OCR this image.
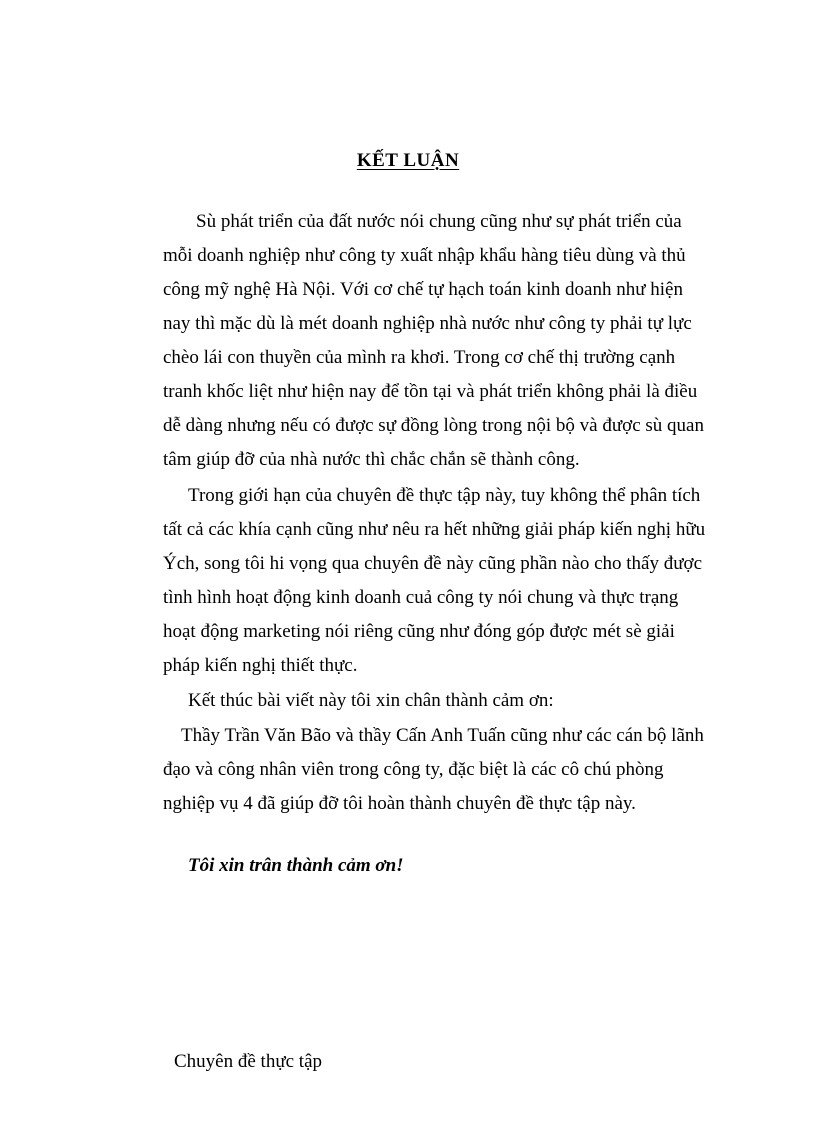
KẾT LUẬN

Sù phát triển của đất nước nói chung cũng như sự phát triển của

mỗi doanh nghiệp như công ty xuất nhập khẩu hàng tiêu dùng và thủ

công mỹ nghệ Hà Nội. Với cơ chế tự hạch toán kinh doanh như hiện

nay thì mặc dù là mét doanh nghiệp nhà nước như công ty phải tự lực

chèo lái con thuyền của mình ra khơi. Trong cơ chế thị trường cạnh

tranh khốc liệt như hiện nay để tồn tại và phát triển không phải là điều

dễ dàng nhưng nếu có được sự đồng lòng trong nội bộ và được sù quan

tâm giúp đỡ của nhà nước thì chắc chắn sẽ thành công.

Trong giới hạn của chuyên đề thực tập này, tuy không thể phân tích

tất cả các khía cạnh cũng như nêu ra hết những giải pháp kiến nghị hữu

Ých, song tôi hi vọng qua chuyên đề này cũng phần nào cho thấy được

tình hình hoạt động kinh doanh cuả công ty nói chung và thực trạng

hoạt động marketing nói riêng cũng như đóng góp được mét sè giải

pháp kiến nghị thiết thực.

Kết thúc bài viết này tôi xin chân thành cảm ơn:

Thầy Trần Văn Bão và thầy Cấn Anh Tuấn cũng như các cán bộ lãnh

đạo và công nhân viên trong công ty, đặc biệt là các cô chú phòng

nghiệp vụ 4 đã giúp đỡ tôi hoàn thành chuyên đề thực tập này.

Tôi xin trân thành cảm ơn!

Chuyên đề thực tập
